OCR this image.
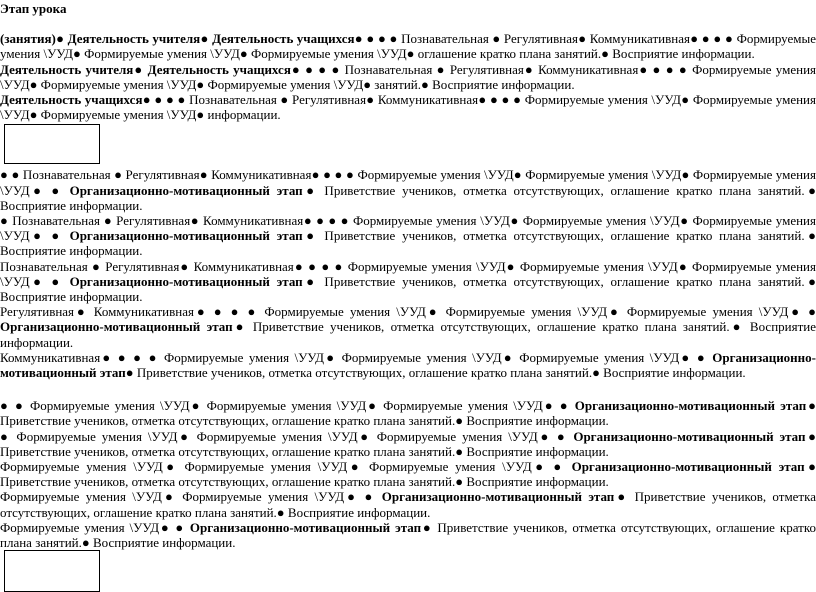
Этап урока

(занятия)● Деятельность учителя● Деятельность учащихся● ● ● ● Познавательная ● Регулятивная● Коммуникативная● ● ● ● Формируемые умения \УУД● Формируемые умения \УУД● Формируемые умения \УУД● оглашение кратко плана занятий.● Восприятие информации.

Деятельность учителя● Деятельность учащихся● ● ● ● Познавательная ● Регулятивная● Коммуникативная● ● ● ● Формируемые умения \УУД● Формируемые умения \УУД● Формируемые умения \УУД● занятий.● Восприятие информации.

Деятельность учащихся● ● ● ● Познавательная ● Регулятивная● Коммуникативная● ● ● ● Формируемые умения \УУД● Формируемые умения \УУД● Формируемые умения \УУД● информации.

● ● Познавательная ● Регулятивная● Коммуникативная● ● ● ● Формируемые умения \УУД● Формируемые умения \УУД● Формируемые умения \УУД● ● Организационно-мотивационный этап● Приветствие учеников, отметка отсутствующих, оглашение кратко плана занятий.● Восприятие информации.

● Познавательная ● Регулятивная● Коммуникативная● ● ● ● Формируемые умения \УУД● Формируемые умения \УУД● Формируемые умения \УУД● ● Организационно-мотивационный этап● Приветствие учеников, отметка отсутствующих, оглашение кратко плана занятий.● Восприятие информации.

Познавательная ● Регулятивная● Коммуникативная● ● ● ● Формируемые умения \УУД● Формируемые умения \УУД● Формируемые умения \УУД● ● Организационно-мотивационный этап● Приветствие учеников, отметка отсутствующих, оглашение кратко плана занятий.● Восприятие информации.

Регулятивная● Коммуникативная● ● ● ● Формируемые умения \УУД● Формируемые умения \УУД● Формируемые умения \УУД● ● Организационно-мотивационный этап● Приветствие учеников, отметка отсутствующих, оглашение кратко плана занятий.● Восприятие информации.

Коммуникативная● ● ● ● Формируемые умения \УУД● Формируемые умения \УУД● Формируемые умения \УУД● ● Организационно-мотивационный этап● Приветствие учеников, отметка отсутствующих, оглашение кратко плана занятий.● Восприятие информации.

● ● Формируемые умения \УУД● Формируемые умения \УУД● Формируемые умения \УУД● ● Организационно-мотивационный этап● Приветствие учеников, отметка отсутствующих, оглашение кратко плана занятий.● Восприятие информации.

● Формируемые умения \УУД● Формируемые умения \УУД● Формируемые умения \УУД● ● Организационно-мотивационный этап● Приветствие учеников, отметка отсутствующих, оглашение кратко плана занятий.● Восприятие информации.

Формируемые умения \УУД● Формируемые умения \УУД● Формируемые умения \УУД● ● Организационно-мотивационный этап● Приветствие учеников, отметка отсутствующих, оглашение кратко плана занятий.● Восприятие информации.

Формируемые умения \УУД● Формируемые умения \УУД● ● Организационно-мотивационный этап● Приветствие учеников, отметка отсутствующих, оглашение кратко плана занятий.● Восприятие информации.

Формируемые умения \УУД● ● Организационно-мотивационный этап● Приветствие учеников, отметка отсутствующих, оглашение кратко плана занятий.● Восприятие информации.
